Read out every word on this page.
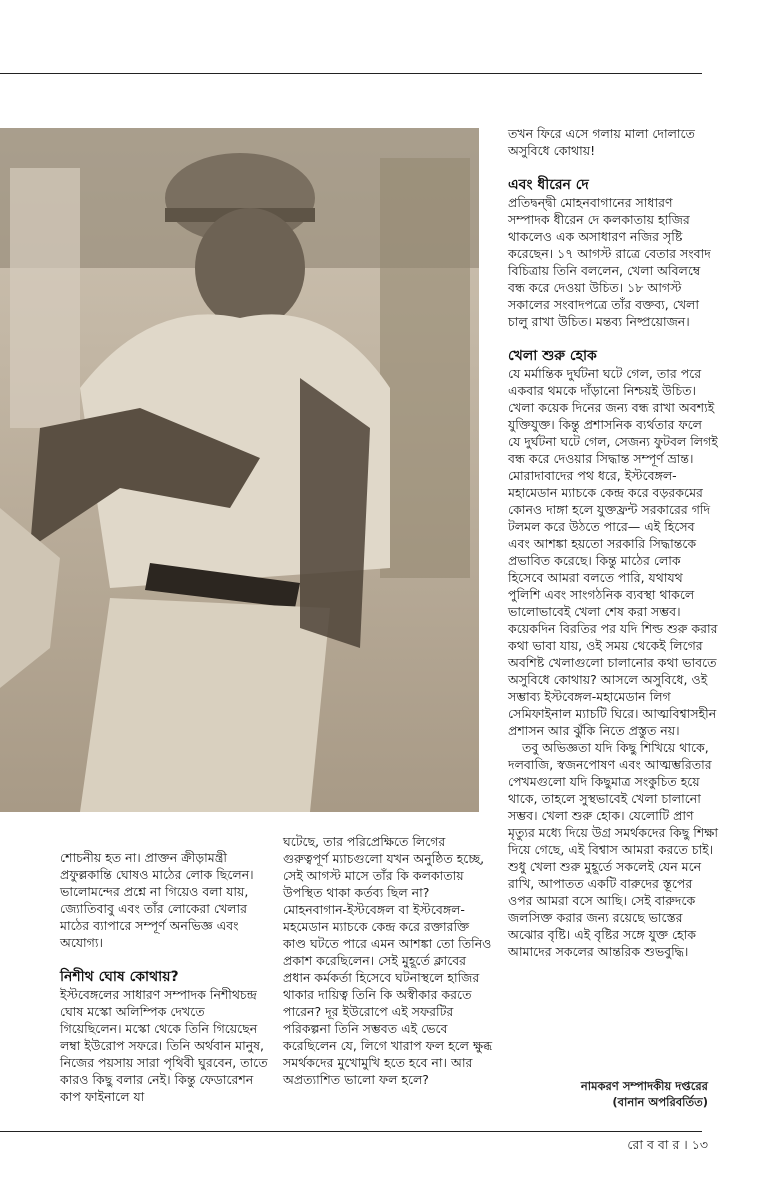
তখন ফিরে এসে গলায় মালা দোলাতে অসুবিধে কোথায়!

এবং ধীরেন দে

প্রতিদ্বন্দ্বী মোহনবাগানের সাধারণ সম্পাদক ধীরেন দে কলকাতায় হাজির থাকলেও এক অসাধারণ নজির সৃষ্টি করেছেন। ১৭ আগস্ট রাত্রে বেতার সংবাদ বিচিত্রায় তিনি বললেন, খেলা অবিলম্বে বন্ধ করে দেওয়া উচিত। ১৮ আগস্ট সকালের সংবাদপত্রে তাঁর বক্তব্য, খেলা চালু রাখা উচিত। মন্তব্য নিষ্প্রয়োজন।

খেলা শুরু হোক

যে মর্মান্তিক দুর্ঘটনা ঘটে গেল, তার পরে একবার থমকে দাঁড়ানো নিশ্চয়ই উচিত। খেলা কয়েক দিনের জন্য বন্ধ রাখা অবশ্যই যুক্তিযুক্ত। কিন্তু প্রশাসনিক ব্যর্থতার ফলে যে দুর্ঘটনা ঘটে গেল, সেজন্য ফুটবল লিগই বন্ধ করে দেওয়ার সিদ্ধান্ত সম্পূর্ণ ভ্রান্ত। মোরাদাবাদের পথ ধরে, ইস্টবেঙ্গল-মহামেডান ম্যাচকে কেন্দ্র করে বড়রকমের কোনও দাঙ্গা হলে যুক্তফ্রন্ট সরকারের গদি টলমল করে উঠতে পারে— এই হিসেব এবং আশঙ্কা হয়তো সরকারি সিদ্ধান্তকে প্রভাবিত করেছে। কিন্তু মাঠের লোক হিসেবে আমরা বলতে পারি, যথাযথ পুলিশি এবং সাংগঠনিক ব্যবস্থা থাকলে ভালোভাবেই খেলা শেষ করা সম্ভব। কয়েকদিন বিরতির পর যদি শিল্ড শুরু করার কথা ভাবা যায়, ওই সময় থেকেই লিগের অবশিষ্ট খেলাগুলো চালানোর কথা ভাবতে অসুবিধে কোথায়? আসলে অসুবিধে, ওই সম্ভাব্য ইস্টবেঙ্গল-মহামেডান লিগ সেমিফাইনাল ম্যাচটি ঘিরে। আত্মবিশ্বাসহীন প্রশাসন আর ঝুঁকি নিতে প্রস্তুত নয়।

তবু অভিজ্ঞতা যদি কিছু শিখিয়ে থাকে, দলবাজি, স্বজনপোষণ এবং আত্মম্ভরিতার পেখমগুলো যদি কিছুমাত্র সংকুচিত হয়ে থাকে, তাহলে সুস্থভাবেই খেলা চালানো সম্ভব। খেলা শুরু হোক। যেলোটি প্রাণ মৃত্যুর মধ্যে দিয়ে উগ্র সমর্থকদের কিছু শিক্ষা দিয়ে গেছে, এই বিশ্বাস আমরা করতে চাই। শুধু খেলা শুরু মুহূর্তে সকলেই যেন মনে রাখি, আপাতত একটি বারুদের স্তূপের ওপর আমরা বসে আছি। সেই বারুদকে জলসিক্ত করার জন্য রয়েছে ভাস্তের অঝোর বৃষ্টি। এই বৃষ্টির সঙ্গে যুক্ত হোক আমাদের সকলের আন্তরিক শুভবুদ্ধি।

নামকরণ সম্পাদকীয় দপ্তরের
(বানান অপরিবর্তিত)

শোচনীয় হত না। প্রাক্তন ক্রীড়ামন্ত্রী প্রফুল্লকান্তি ঘোষও মাঠের লোক ছিলেন। ভালোমন্দের প্রশ্নে না গিয়েও বলা যায়, জ্যোতিবাবু এবং তাঁর লোকেরা খেলার মাঠের ব্যাপারে সম্পূর্ণ অনভিজ্ঞ এবং অযোগ্য।

নিশীথ ঘোষ কোথায়?

ইস্টবেঙ্গলের সাধারণ সম্পাদক নিশীথচন্দ্র ঘোষ মস্কো অলিম্পিক দেখতে গিয়েছিলেন। মস্কো থেকে তিনি গিয়েছেন লম্বা ইউরোপ সফরে। তিনি অর্থবান মানুষ, নিজের পয়সায় সারা পৃথিবী ঘুরবেন, তাতে কারও কিছু বলার নেই। কিন্তু ফেডারেশন কাপ ফাইনালে যা

ঘটেছে, তার পরিপ্রেক্ষিতে লিগের গুরুত্বপূর্ণ ম্যাচগুলো যখন অনুষ্ঠিত হচ্ছে, সেই আগস্ট মাসে তাঁর কি কলকাতায় উপস্থিত থাকা কর্তব্য ছিল না? মোহনবাগান-ইস্টবেঙ্গল বা ইস্টবেঙ্গল-মহমেডান ম্যাচকে কেন্দ্র করে রক্তারক্তি কাণ্ড ঘটতে পারে এমন আশঙ্কা তো তিনিও প্রকাশ করেছিলেন। সেই মুহূর্তে ক্লাবের প্রধান কর্মকর্তা হিসেবে ঘটনাস্থলে হাজির থাকার দায়িত্ব তিনি কি অস্বীকার করতে পারেন? দূর ইউরোপে এই সফরটির পরিকল্পনা তিনি সম্ভবত এই ভেবে করেছিলেন যে, লিগে খারাপ ফল হলে ক্ষুব্ধ সমর্থকদের মুখোমুখি হতে হবে না। আর অপ্রত্যাশিত ভালো ফল হলে?

রো ব বা র । ১৩
